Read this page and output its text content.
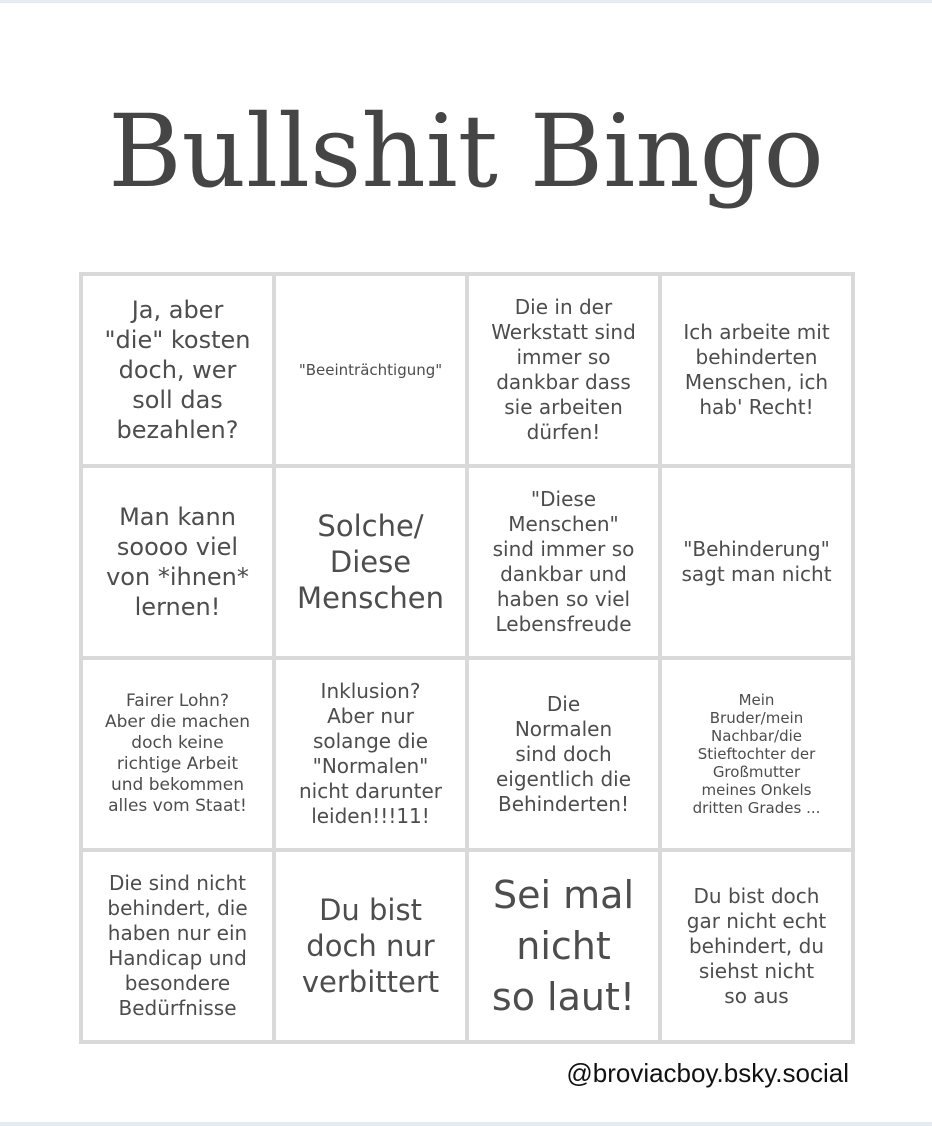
Bullshit Bingo
Ja, aber
"die" kosten
doch, wer
soll das
bezahlen?
"Beeinträchtigung"
Die in der
Werkstatt sind
immer so
dankbar dass
sie arbeiten
dürfen!
Ich arbeite mit
behinderten
Menschen, ich
hab' Recht!
Man kann
soooo viel
von *ihnen*
lernen!
Solche/
Diese
Menschen
"Diese
Menschen"
sind immer so
dankbar und
haben so viel
Lebensfreude
"Behinderung"
sagt man nicht
Fairer Lohn?
Aber die machen
doch keine
richtige Arbeit
und bekommen
alles vom Staat!
Inklusion?
Aber nur
solange die
"Normalen"
nicht darunter
leiden!!!11!
Die
Normalen
sind doch
eigentlich die
Behinderten!
Mein
Bruder/mein
Nachbar/die
Stieftochter der
Großmutter
meines Onkels
dritten Grades ...
Die sind nicht
behindert, die
haben nur ein
Handicap und
besondere
Bedürfnisse
Du bist
doch nur
verbittert
Sei mal
nicht
so laut!
Du bist doch
gar nicht echt
behindert, du
siehst nicht
so aus
@broviacboy.bsky.social
